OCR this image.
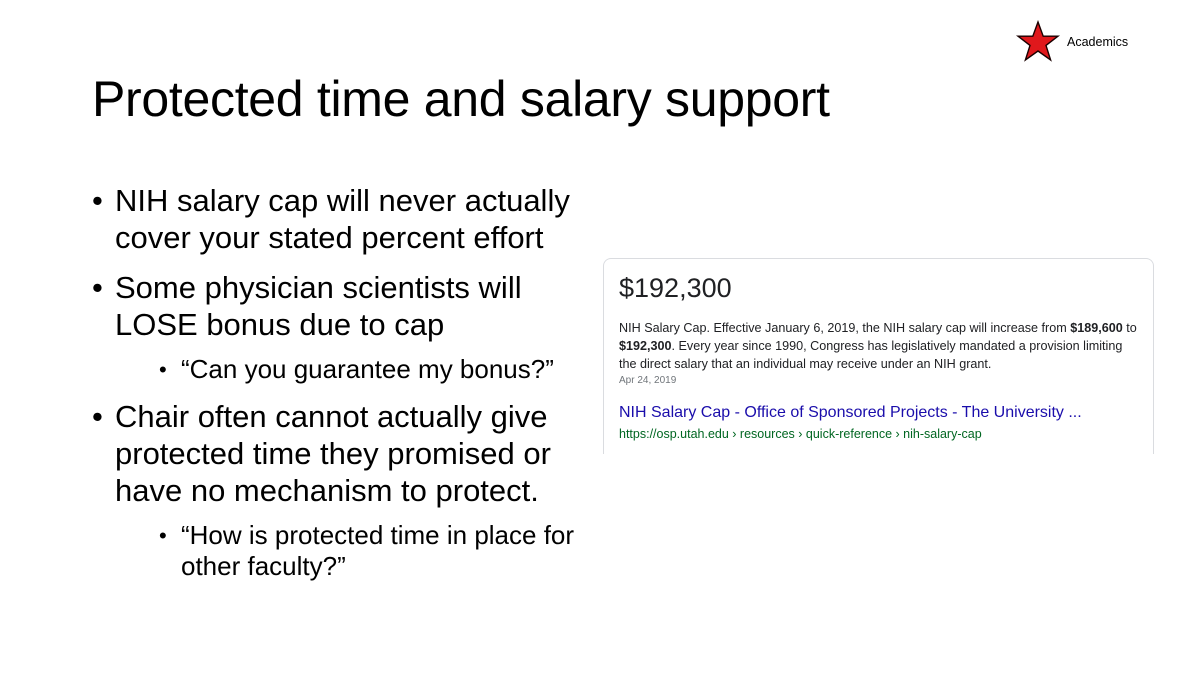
Academics
Protected time and salary support
• NIH salary cap will never actually cover your stated percent effort
• Some physician scientists will LOSE bonus due to cap
• “Can you guarantee my bonus?”
• Chair often cannot actually give protected time they promised or have no mechanism to protect.
• “How is protected time in place for other faculty?”
$192,300
NIH Salary Cap. Effective January 6, 2019, the NIH salary cap will increase from $189,600 to $192,300. Every year since 1990, Congress has legislatively mandated a provision limiting the direct salary that an individual may receive under an NIH grant.
Apr 24, 2019
NIH Salary Cap - Office of Sponsored Projects - The University ...
https://osp.utah.edu › resources › quick-reference › nih-salary-cap
